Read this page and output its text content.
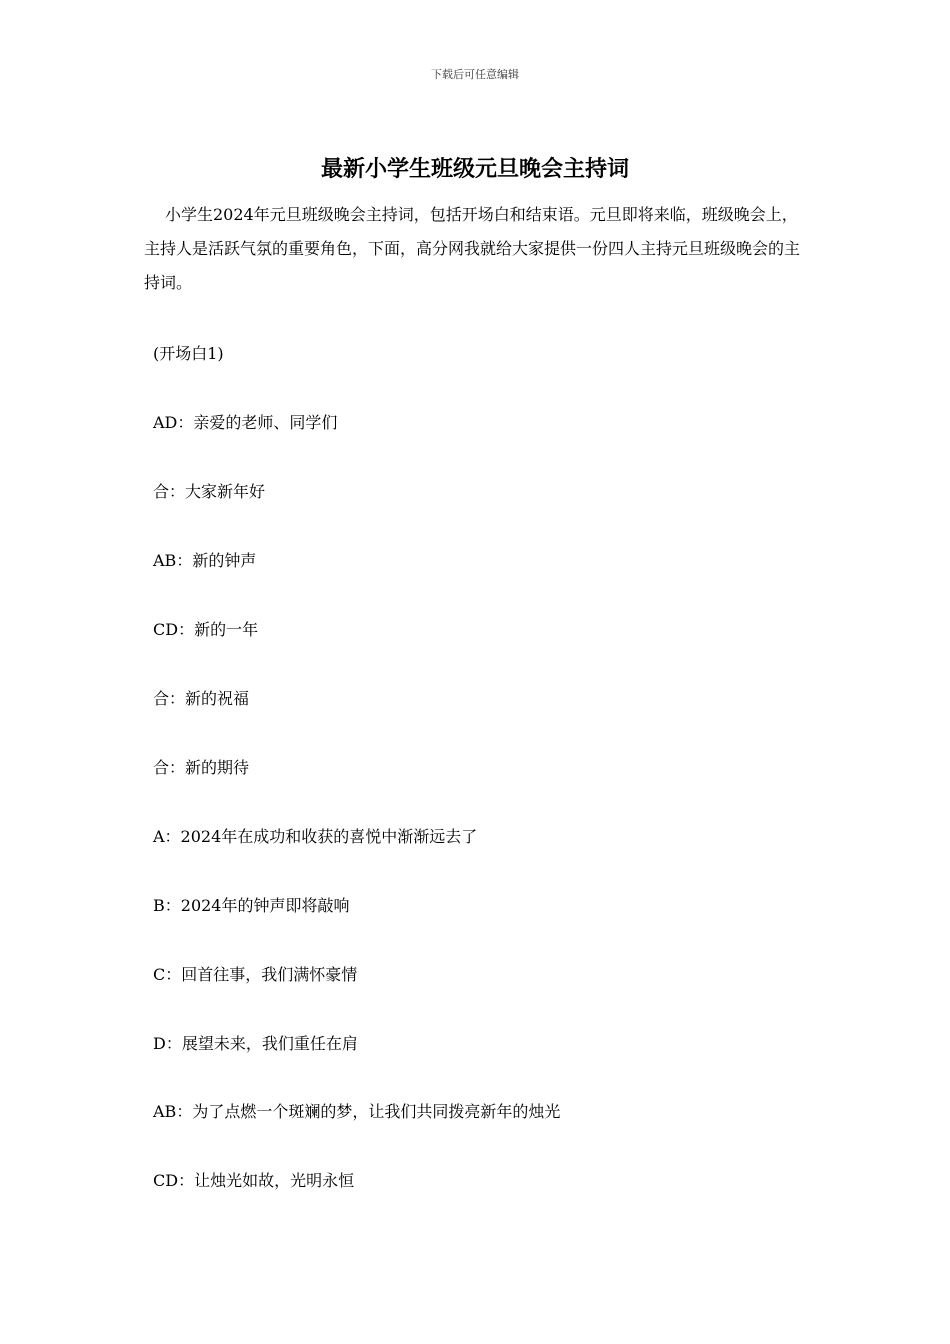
下载后可任意编辑
最新小学生班级元旦晚会主持词

小学生2024年元旦班级晚会主持词，包括开场白和结束语。元旦即将来临，班级晚会上，主持人是活跃气氛的重要角色，下面，高分网我就给大家提供一份四人主持元旦班级晚会的主持词。

(开场白1)

AD：亲爱的老师、同学们

合：大家新年好

AB：新的钟声

CD：新的一年

合：新的祝福

合：新的期待

A：2024年在成功和收获的喜悦中渐渐远去了

B：2024年的钟声即将敲响

C：回首往事，我们满怀豪情

D：展望未来，我们重任在肩

AB：为了点燃一个斑斓的梦，让我们共同拨亮新年的烛光

CD：让烛光如故，光明永恒
